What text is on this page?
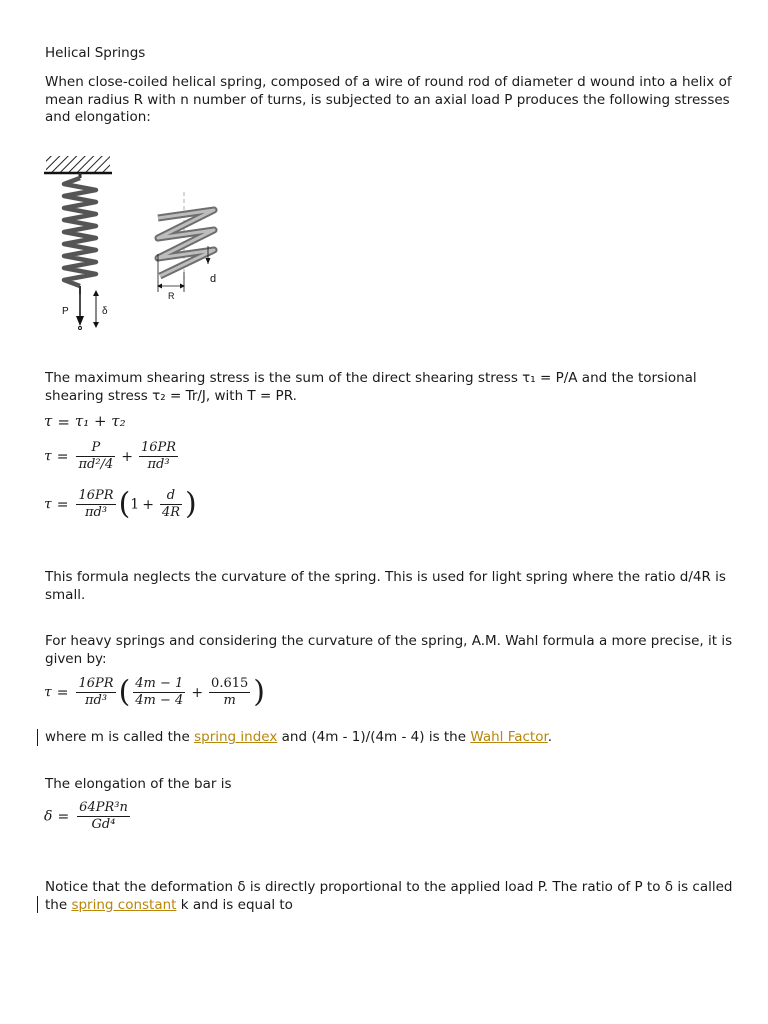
Helical Springs

When close-coiled helical spring, composed of a wire of round rod of diameter d wound into a helix of mean radius R with n number of turns, is subjected to an axial load P produces the following stresses and elongation:

P	δ
R
d

The maximum shearing stress is the sum of the direct shearing stress τ₁ = P/A and the torsional shearing stress τ₂ = Tr/J, with T = PR.

τ = τ₁ + τ₂
$\tau = \frac{P}{\text{πd²/4}} + \frac{16PR}{\text{πd³}}$
$\tau = \frac{16PR}{\text{πd³}} (1 + \frac{d}{4R}$ )

This formula neglects the curvature of the spring. This is used for light spring where the ratio d/4R is small.

For heavy springs and considering the curvature of the spring, A.M. Wahl formula a more precise, it is given by:

$\tau = \frac{16PR}{\text{πd³}}$ ( $\frac{4m - 1}{4m - 4} + \frac{0.615}{m}$ )

where m is called the spring index and (4m - 1)/(4m - 4) is the Wahl Factor.

The elongation of the bar is

$\delta = \frac{\text{64PR³n}}{\text{Gd⁴}}$

Notice that the deformation δ is directly proportional to the applied load P. The ratio of P to δ is called the spring constant k and is equal to
